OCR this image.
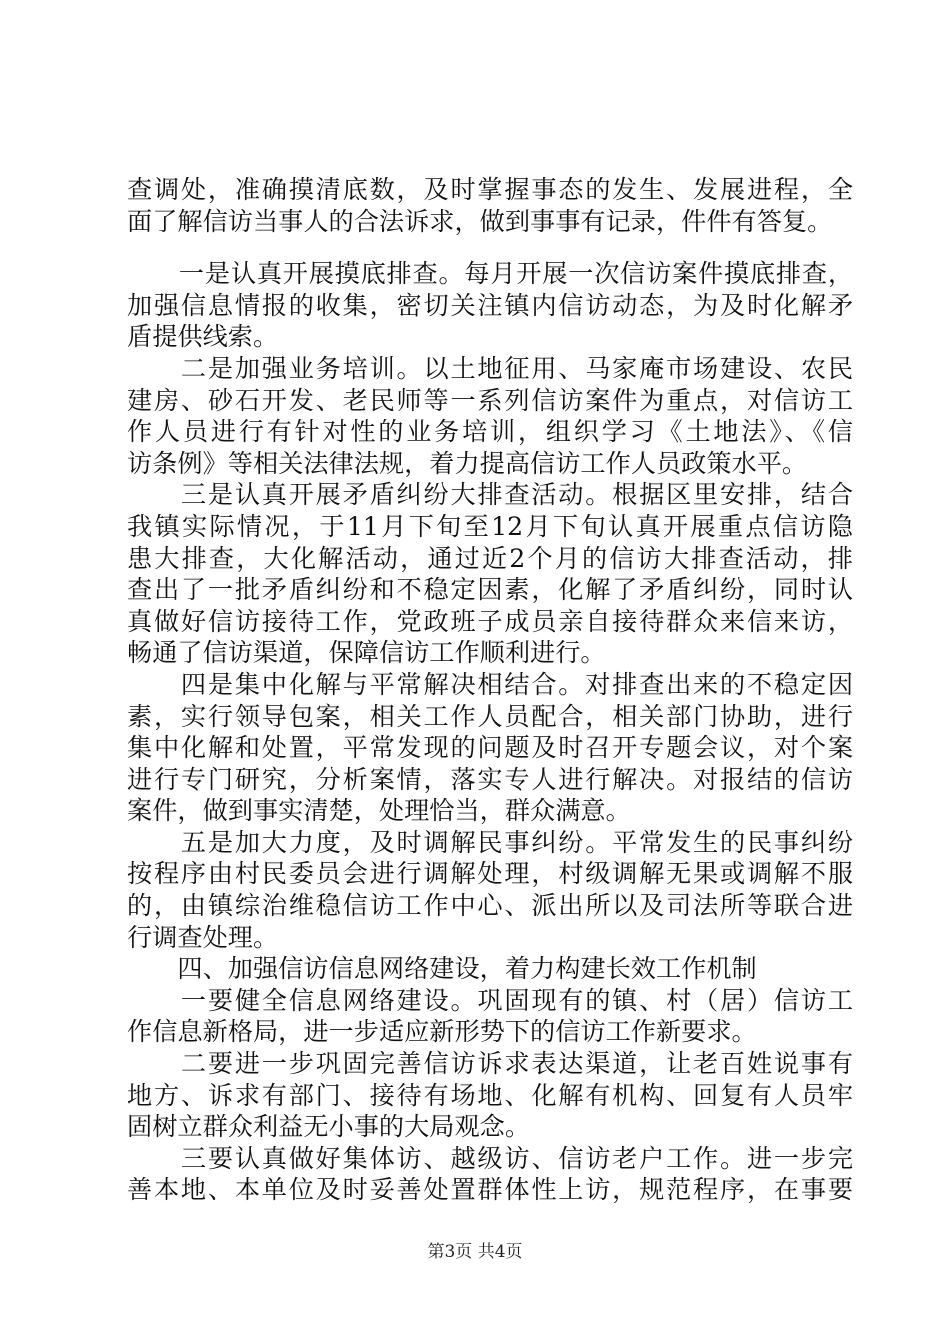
查调处，准确摸清底数，及时掌握事态的发生、发展进程，全
面了解信访当事人的合法诉求，做到事事有记录，件件有答复。
　　一是认真开展摸底排查。每月开展一次信访案件摸底排查，
加强信息情报的收集，密切关注镇内信访动态，为及时化解矛
盾提供线索。
　　二是加强业务培训。以土地征用、马家庵市场建设、农民
建房、砂石开发、老民师等一系列信访案件为重点，对信访工
作人员进行有针对性的业务培训，组织学习《土地法》、《信
访条例》等相关法律法规，着力提高信访工作人员政策水平。
　　三是认真开展矛盾纠纷大排查活动。根据区里安排，结合
我镇实际情况，于11月下旬至12月下旬认真开展重点信访隐
患大排查，大化解活动，通过近2个月的信访大排查活动，排
查出了一批矛盾纠纷和不稳定因素，化解了矛盾纠纷，同时认
真做好信访接待工作，党政班子成员亲自接待群众来信来访，
畅通了信访渠道，保障信访工作顺利进行。
　　四是集中化解与平常解决相结合。对排查出来的不稳定因
素，实行领导包案，相关工作人员配合，相关部门协助，进行
集中化解和处置，平常发现的问题及时召开专题会议，对个案
进行专门研究，分析案情，落实专人进行解决。对报结的信访
案件，做到事实清楚，处理恰当，群众满意。
　　五是加大力度，及时调解民事纠纷。平常发生的民事纠纷
按程序由村民委员会进行调解处理，村级调解无果或调解不服
的，由镇综治维稳信访工作中心、派出所以及司法所等联合进
行调查处理。
　　四、加强信访信息网络建设，着力构建长效工作机制
　　一要健全信息网络建设。巩固现有的镇、村（居）信访工
作信息新格局，进一步适应新形势下的信访工作新要求。
　　二要进一步巩固完善信访诉求表达渠道，让老百姓说事有
地方、诉求有部门、接待有场地、化解有机构、回复有人员牢
固树立群众利益无小事的大局观念。
　　三要认真做好集体访、越级访、信访老户工作。进一步完
善本地、本单位及时妥善处置群体性上访，规范程序，在事要
第3页 共4页
